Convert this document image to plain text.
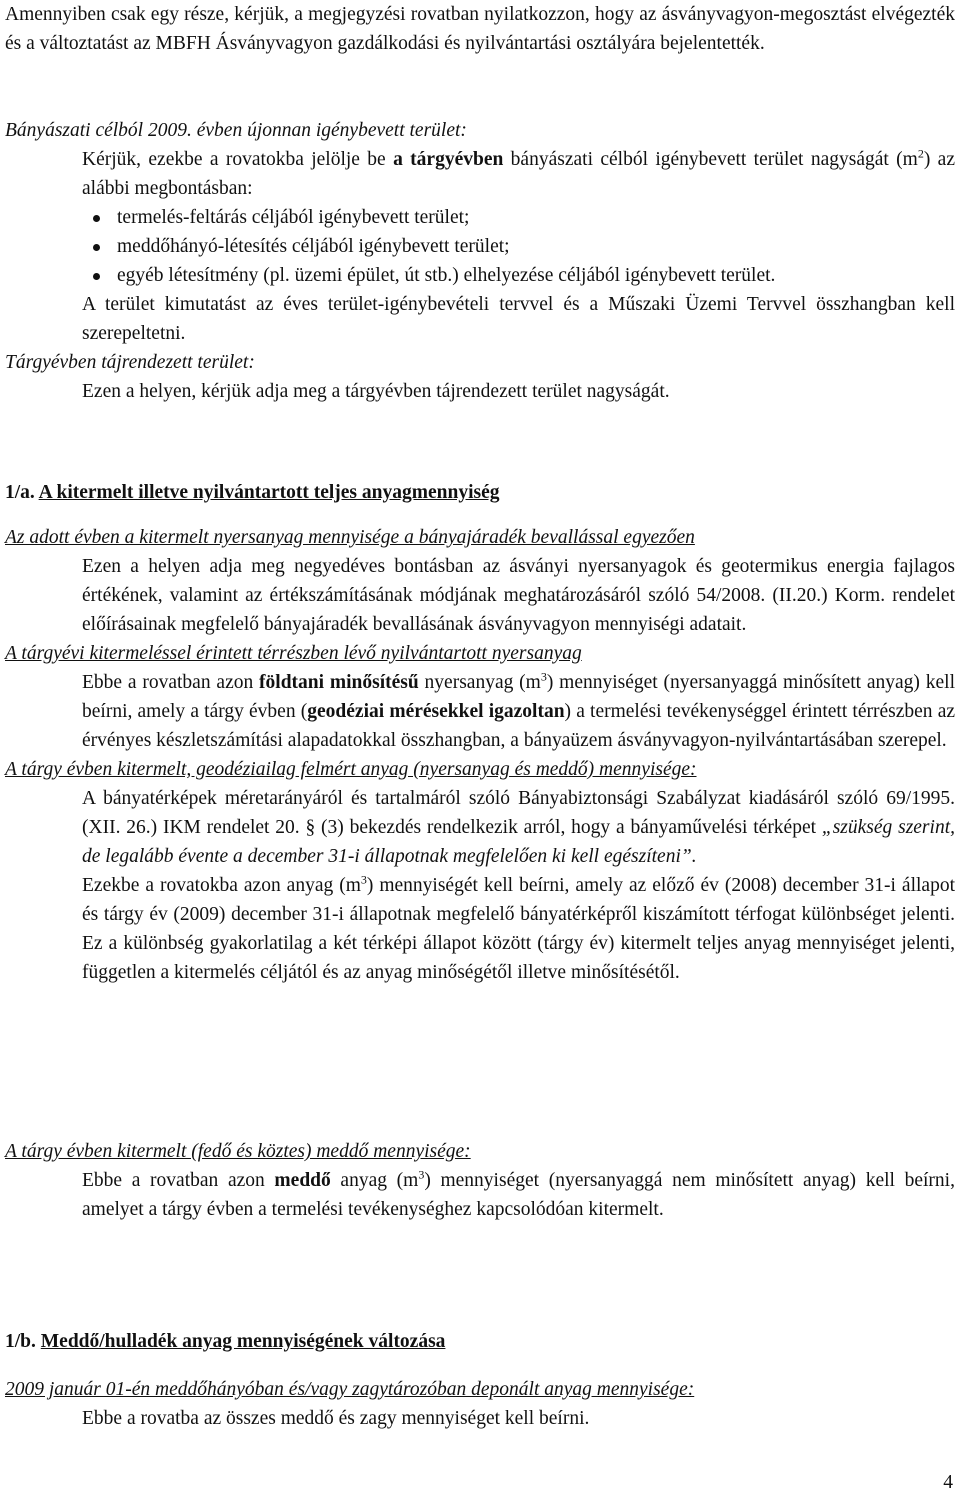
Amennyiben csak egy része, kérjük, a megjegyzési rovatban nyilatkozzon, hogy az ásványvagyon-megosztást elvégezték és a változtatást az MBFH Ásványvagyon gazdálkodási és nyilvántartási osztályára bejelentették.

Bányászati célból 2009. évben újonnan igénybevett terület:

Kérjük, ezekbe a rovatokba jelölje be a tárgyévben bányászati célból igénybevett terület nagyságát $(m^2)$ az alábbi megbontásban:

termelés-feltárás céljából igénybevett terület;
meddőhányó-létesítés céljából igénybevett terület;
egyéb létesítmény (pl. üzemi épület, út stb.) elhelyezése céljából igénybevett terület.

A terület kimutatást az éves terület-igénybevételi tervvel és a Műszaki Üzemi Tervvel összhangban kell szerepeltetni.

Tárgyévben tájrendezett terület:

Ezen a helyen, kérjük adja meg a tárgyévben tájrendezett terület nagyságát.

1/a. A kitermelt illetve nyilvántartott teljes anyagmennyiség

Az adott évben a kitermelt nyersanyag mennyisége a bányajáradék bevallással egyezően

Ezen a helyen adja meg negyedéves bontásban az ásványi nyersanyagok és geotermikus energia fajlagos értékének, valamint az értékszámításának módjának meghatározásáról szóló 54/2008. (II.20.) Korm. rendelet előírásainak megfelelő bányajáradék bevallásának ásványvagyon mennyiségi adatait.

A tárgyévi kitermeléssel érintett térrészben lévő nyilvántartott nyersanyag

Ebbe a rovatban azon földtani minősítésű nyersanyag $(m^3)$ mennyiséget (nyersanyaggá minősített anyag) kell beírni, amely a tárgy évben (geodéziai mérésekkel igazoltan) a termelési tevékenységgel érintett térrészben az érvényes készletszámítási alapadatokkal összhangban, a bányaüzem ásványvagyon-nyilvántartásában szerepel.

A tárgy évben kitermelt, geodéziailag felmért anyag (nyersanyag és meddő) mennyisége:

A bányatérképek méretarányáról és tartalmáról szóló Bányabiztonsági Szabályzat kiadásáról szóló 69/1995. (XII. 26.) IKM rendelet 20. § (3) bekezdés rendelkezik arról, hogy a bányaművelési térképet „szükség szerint, de legalább évente a december 31-i állapotnak megfelelően ki kell egészíteni”.

Ezekbe a rovatokba azon anyag $(m^3)$ mennyiségét kell beírni, amely az előző év (2008) december 31-i állapot és tárgy év (2009) december 31-i állapotnak megfelelő bányatérképről kiszámított térfogat különbséget jelenti. Ez a különbség gyakorlatilag a két térképi állapot között (tárgy év) kitermelt teljes anyag mennyiséget jelenti, független a kitermelés céljától és az anyag minőségétől illetve minősítésétől.

A tárgy évben kitermelt (fedő és köztes) meddő mennyisége:

Ebbe a rovatban azon meddő anyag $(m^3)$ mennyiséget (nyersanyaggá nem minősített anyag) kell beírni, amelyet a tárgy évben a termelési tevékenységhez kapcsolódóan kitermelt.

1/b. Meddő/hulladék anyag mennyiségének változása

2009 január 01-én meddőhányóban és/vagy zagytározóban deponált anyag mennyisége:

Ebbe a rovatba az összes meddő és zagy mennyiséget kell beírni.

4
